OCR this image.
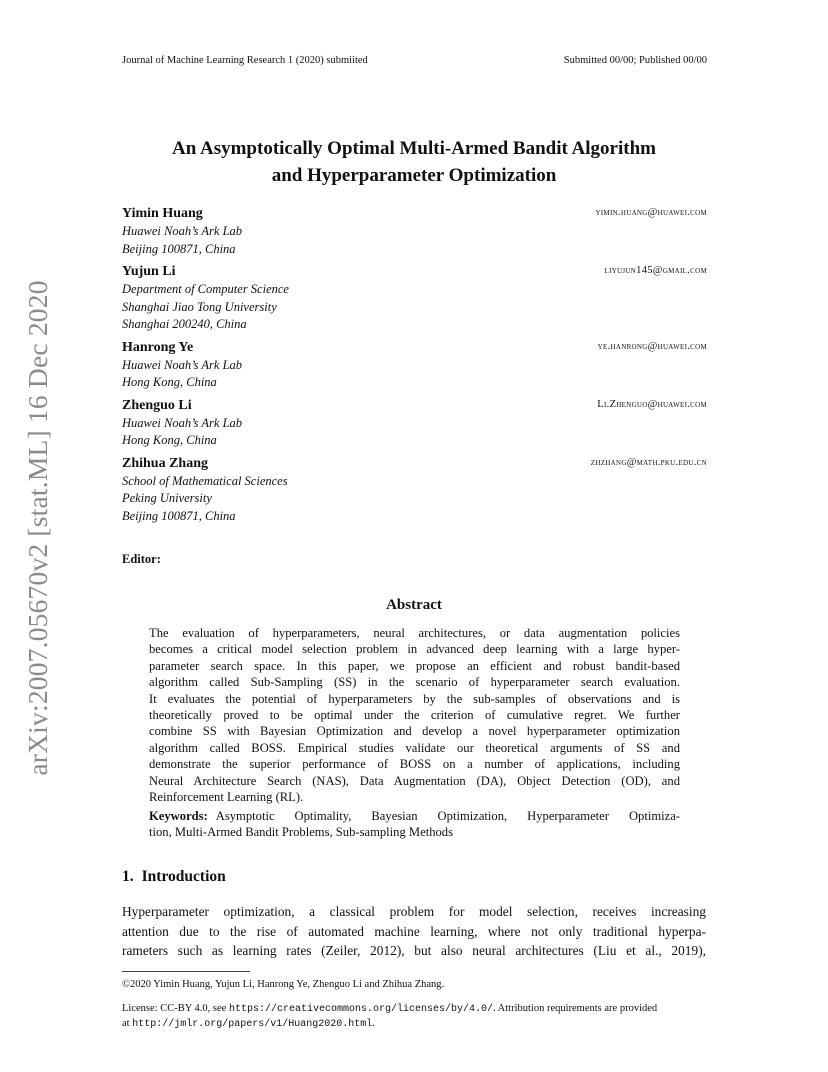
arXiv:2007.05670v2 [stat.ML] 16 Dec 2020
Journal of Machine Learning Research 1 (2020) submiited	Submitted 00/00; Published 00/00
An Asymptotically Optimal Multi-Armed Bandit Algorithm
and Hyperparameter Optimization
Yimin Huang	yimin.huang@huawei.com
Huawei Noah’s Ark Lab
Beijing 100871, China
Yujun Li	liyujun145@gmail.com
Department of Computer Science
Shanghai Jiao Tong University
Shanghai 200240, China
Hanrong Ye	ye.hanrong@huawei.com
Huawei Noah’s Ark Lab
Hong Kong, China
Zhenguo Li	Li.Zhenguo@huawei.com
Huawei Noah’s Ark Lab
Hong Kong, China
Zhihua Zhang	zhzhang@math.pku.edu.cn
School of Mathematical Sciences
Peking University
Beijing 100871, China
Editor:
Abstract
The evaluation of hyperparameters, neural architectures, or data augmentation policies
becomes a critical model selection problem in advanced deep learning with a large hyper-
parameter search space. In this paper, we propose an efficient and robust bandit-based
algorithm called Sub-Sampling (SS) in the scenario of hyperparameter search evaluation.
It evaluates the potential of hyperparameters by the sub-samples of observations and is
theoretically proved to be optimal under the criterion of cumulative regret. We further
combine SS with Bayesian Optimization and develop a novel hyperparameter optimization
algorithm called BOSS. Empirical studies validate our theoretical arguments of SS and
demonstrate the superior performance of BOSS on a number of applications, including
Neural Architecture Search (NAS), Data Augmentation (DA), Object Detection (OD), and
Reinforcement Learning (RL).
Keywords: Asymptotic Optimality, Bayesian Optimization, Hyperparameter Optimiza-
tion, Multi-Armed Bandit Problems, Sub-sampling Methods
1. Introduction
Hyperparameter optimization, a classical problem for model selection, receives increasing
attention due to the rise of automated machine learning, where not only traditional hyperpa-
rameters such as learning rates (Zeiler, 2012), but also neural architectures (Liu et al., 2019),
©2020 Yimin Huang, Yujun Li, Hanrong Ye, Zhenguo Li and Zhihua Zhang.
License: CC-BY 4.0, see https://creativecommons.org/licenses/by/4.0/. Attribution requirements are provided
at http://jmlr.org/papers/v1/Huang2020.html.
